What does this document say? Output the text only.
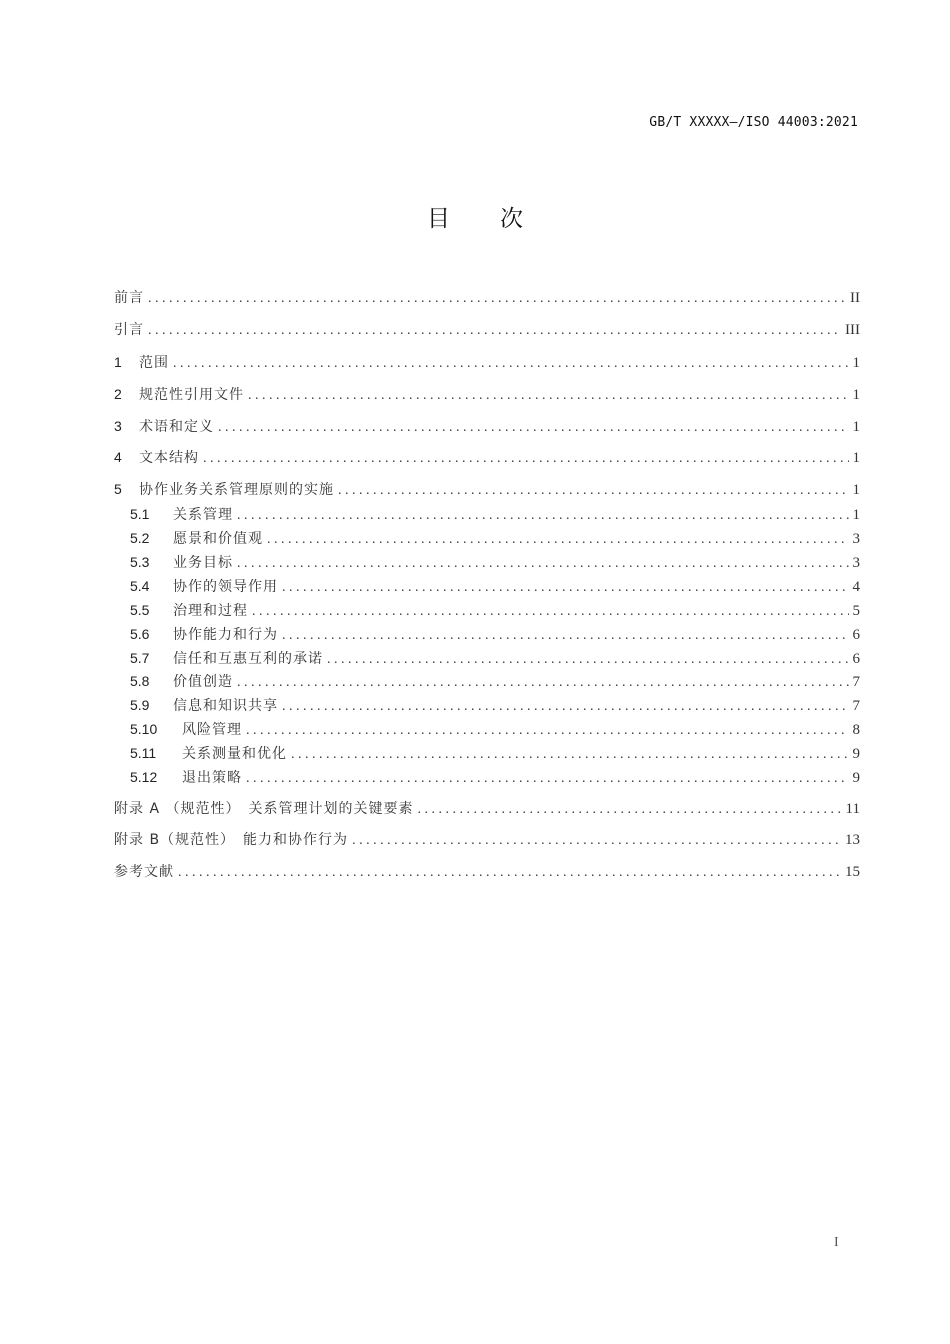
GB/T XXXXX—/ISO 44003:2021
目 次
前言 . . .	II
引言 . . .	III
1	范围 . . .	1
2	规范性引用文件 . . .	1
3	术语和定义 . . .	1
4	文本结构 . . .	1
5	协作业务关系管理原则的实施 . . .	1
5.1	关系管理 . . .	1
5.2	愿景和价值观 . . .	3
5.3	业务目标 . . .	3
5.4	协作的领导作用 . . .	4
5.5	治理和过程 . . .	5
5.6	协作能力和行为 . . .	6
5.7	信任和互惠互利的承诺 . . .	6
5.8	价值创造 . . .	7
5.9	信息和知识共享 . . .	7
5.10	风险管理 . . .	8
5.11	关系测量和优化 . . .	9
5.12	退出策略 . . .	9
附录 A （规范性）　关系管理计划的关键要素 . . .	11
附录 B（规范性）　能力和协作行为 . . .	13
参考文献 . . .	15
I
